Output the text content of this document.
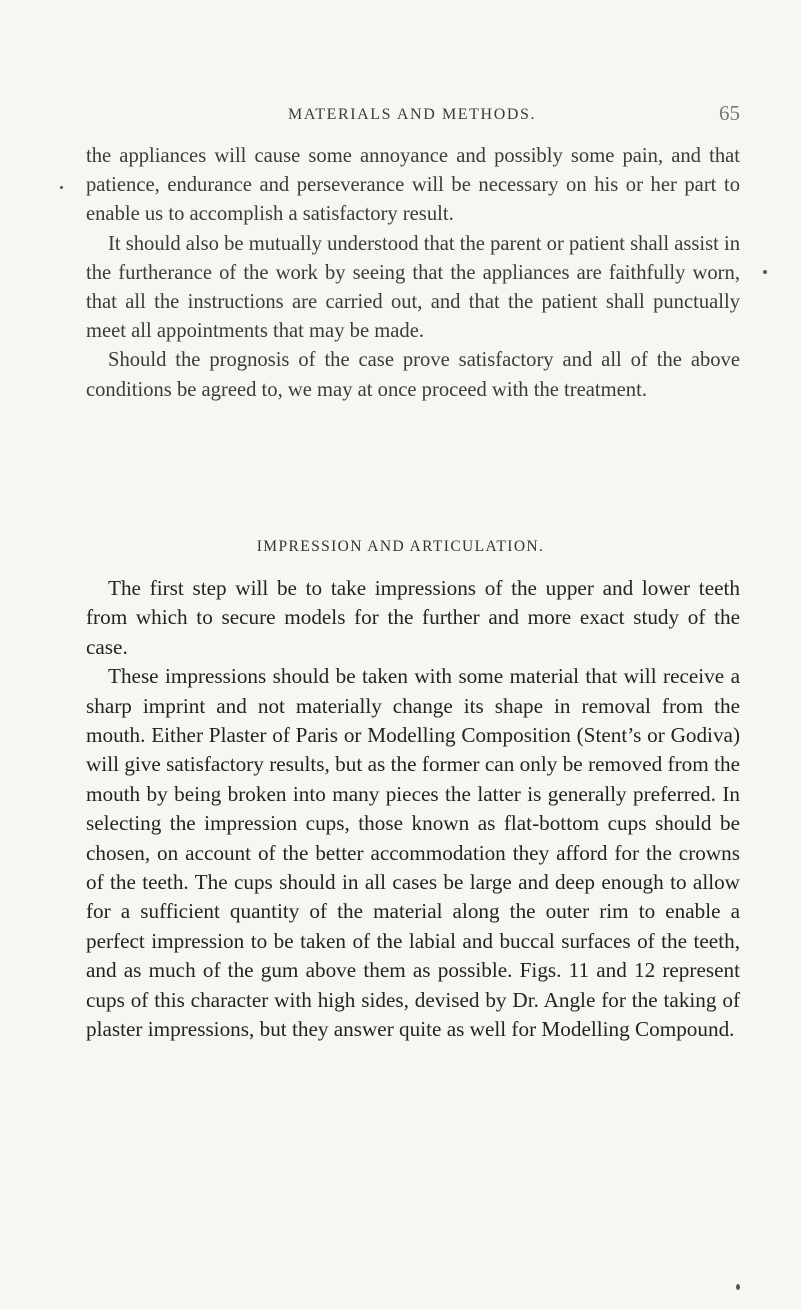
MATERIALS AND METHODS.	65

the appliances will cause some annoyance and possibly some pain, and that patience, endurance and perseverance will be necessary on his or her part to enable us to accomplish a satisfactory result.

It should also be mutually understood that the parent or patient shall assist in the furtherance of the work by seeing that the appliances are faithfully worn, that all the instructions are carried out, and that the patient shall punctually meet all appointments that may be made.

Should the prognosis of the case prove satisfactory and all of the above conditions be agreed to, we may at once proceed with the treatment.

IMPRESSION AND ARTICULATION.

The first step will be to take impressions of the upper and lower teeth from which to secure models for the further and more exact study of the case.

These impressions should be taken with some material that will receive a sharp imprint and not materially change its shape in removal from the mouth. Either Plaster of Paris or Modelling Composition (Stent’s or Godiva) will give satisfactory results, but as the former can only be removed from the mouth by being broken into many pieces the latter is generally preferred. In selecting the impression cups, those known as flat-bottom cups should be chosen, on account of the better accommodation they afford for the crowns of the teeth. The cups should in all cases be large and deep enough to allow for a sufficient quantity of the material along the outer rim to enable a perfect impression to be taken of the labial and buccal surfaces of the teeth, and as much of the gum above them as possible. Figs. 11 and 12 represent cups of this character with high sides, devised by Dr. Angle for the taking of plaster impressions, but they answer quite as well for Modelling Compound.
